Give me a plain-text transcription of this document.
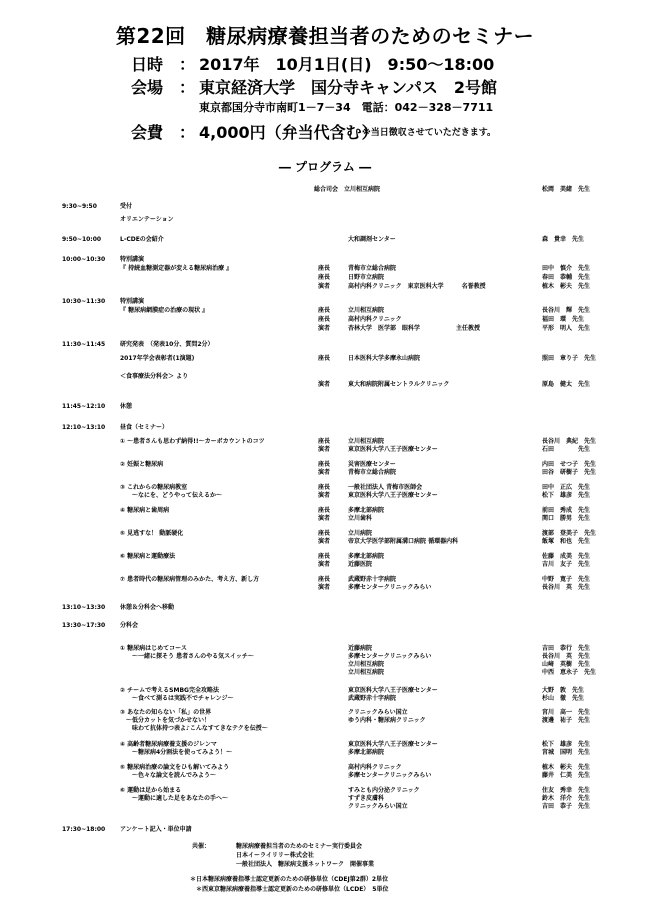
第22回　糖尿病療養担当者のためのセミナー
日時　： 2017年　10月1日(日)　9:50～18:00
会場　： 東京経済大学　国分寺キャンパス　2号館
東京都国分寺市南町1－7－34　電話：042－328－7711
会費　： 4,000円（弁当代含む）
※当日徴収させていただきます。
― プログラム ―
総合司会　立川相互病院	松岡　美緒　先生
9:30~9:50	受付
オリエンテーション
9:50~10:00	L-CDEの会紹介	大和調剤センター	森　貴幸　先生
10:00~10:30 特別講演
『 持続血糖測定器が変える糖尿病治療 』	座長	青梅市立総合病院	田中　慎介　先生
座長	日野市立病院	春田　恭輔　先生
演者	高村内科クリニック　東京医科大学　　　名誉教授	植木　彬夫　先生
10:30~11:30 特別講演
『 糖尿病網膜症の治療の現状 』	座長	立川相互病院	長谷川　輝　先生
座長	高村内科クリニック	福田　環　先生
演者	杏林大学　医学部　眼科学　　　　　　主任教授	平形　明人　先生
11:30~11:45 研究発表　（発表10分、質問2分）
2017年学会表彰者(1演題)	座長	日本医科大学多摩永山病院	照田　章り子　先生
＜食事療法分科会＞ より
演者	東大和病院附属セントラルクリニック	原島　健太　先生
11:45~12:10 休憩
12:10~13:10 昼食（セミナー）
① ～患者さんも思わず納得!!～カーボカウントのコツ	座長	立川相互病院	長谷川　典紀　先生
演者	東京医科大学八王子医療センター	石田　　　　先生
② 妊娠と糖尿病	座長	災害医療センター	内田　せつ子　先生
演者	青梅市立総合病院	田谷　研樹子　先生
③ これからの糖尿病教室	座長	一般社団法人 青梅市医師会	田中　正広　先生
　　～なにを、どうやって伝えるか～	演者	東京医科大学八王子医療センター	松下　雄彦　先生
④ 糖尿病と歯周病	座長	多摩北部病院	前田　秀成　先生
演者	立川歯科	関口　勝男　先生
⑤ 見逃すな！ 動脈硬化	座長	立川病院	渡部　登美子　先生
演者	帝京大学医学部附属溝口病院 循環器内科	飯塚　和也　先生
⑥ 糖尿病と運動療法	座長	多摩北部病院	佐藤　成美　先生
演者	近藤医院	吉川　友子　先生
⑦ 患者時代の糖尿病管理のみかた、考え方、新し方	座長	武蔵野赤十字病院	中野　寛子　先生
演者	多摩センタークリニックみらい	長谷川　英　先生
13:10~13:30 休憩＆分科会へ移動
13:30~17:30 分科会
① 糖尿病はじめてコース	近藤病院	吉田　恭行　先生
　　～一緒に探そう 患者さんのやる気スイッチ～	多摩センタークリニックみらい	長谷川　英　先生
立川相互病院	山﨑　英樹　先生
立川相互病院	中西　恵永子　先生
② チームで考えるSMBG完全攻略法	東京医科大学八王子医療センター	大野　敦　先生
　　～食べて測るは実践不でチャレンジ～	武蔵野赤十字病院	杉山　徹　先生
③ あなたの知らない「私」の世界	クリニックみらい国立	宮川　高一　先生
　～低分カットを気づかせない！	ゆう内科・糖尿病クリニック	渡邊　祐子　先生
　　味わて抗体持つ表よ♪こんなすてきなテクを伝授～
④ 高齢者糖尿病療養支援のジレンマ	東京医科大学八王子医療センター	松下　雄彦　先生
　　～糖尿病4分割法を使ってみよう！～	多摩北部病院	宮城　国明　先生
⑤ 糖尿病治療の論文をひも解いてみよう	高村内科クリニック	植木　彬夫　先生
　　～色々な論文を読んでみよう～	多摩センタークリニックみらい	藤井　仁美　先生
⑥ 運動は足から始まる	すみとも内分泌クリニック	住友　秀幸　先生
　　～運動に適した足をあなたの手へ～	すずき皮膚科	鈴木　洋介　先生
クリニックみらい国立	吉田　恭子　先生
17:30~18:00 アンケート記入・単位申請
共催：	糖尿病療養担当者のためのセミナー実行委員会
日本イーライリリー株式会社
一般社団法人　糖尿病支援ネットワーク　開催事業
＊日本糖尿病療養指導士認定更新のための研修単位（CDEJ第2群）2単位
＊西東京糖尿病療養指導士認定更新のための研修単位（LCDE）　5単位
